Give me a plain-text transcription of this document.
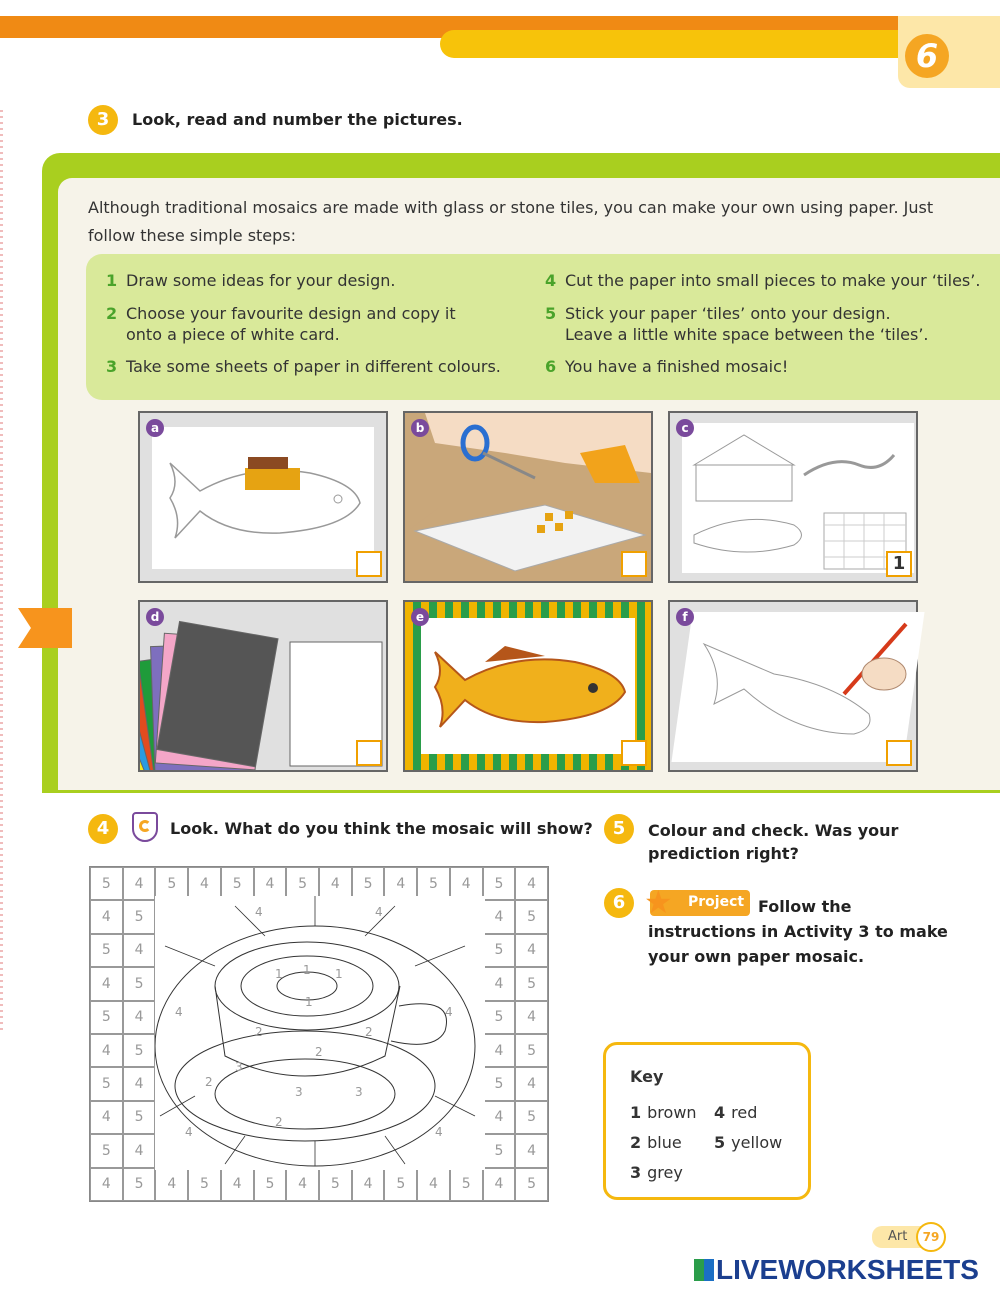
6
3	Look, read and number the pictures.
Although traditional mosaics are made with glass or stone tiles, you can make your own using paper. Just follow these simple steps:
1 Draw some ideas for your design.
2 Choose your favourite design and copy it onto a piece of white card.
3 Take some sheets of paper in different colours.
4 Cut the paper into small pieces to make your ‘tiles’.
5 Stick your paper ‘tiles’ onto your design. Leave a little white space between the ‘tiles’.
6 You have a finished mosaic!
a	b	c
1
d	e	f
4	Look. What do you think the mosaic will show?
5	4	5	4	5	4	5	4	5	4	5	4	5	4
4	5	4	5
5	4	5	4
4	5	4	5
5	4	5	4
4	5	4	5
5	4	5	4
4	5	4	5
5	4	5	4
4	5	4	5	4	5	4	5	4	5	4	5	4	5
1
1	1
1
2
2
2
2
2
3
3	3
4	4
4	4
4	4
5	Colour and check. Was your prediction right?
6 ★ Project Follow the instructions in Activity 3 to make your own paper mosaic.
Key
1 brown 4 red
2 blue 5 yellow
3 grey
Art	79
LIVEWORKSHEETS
